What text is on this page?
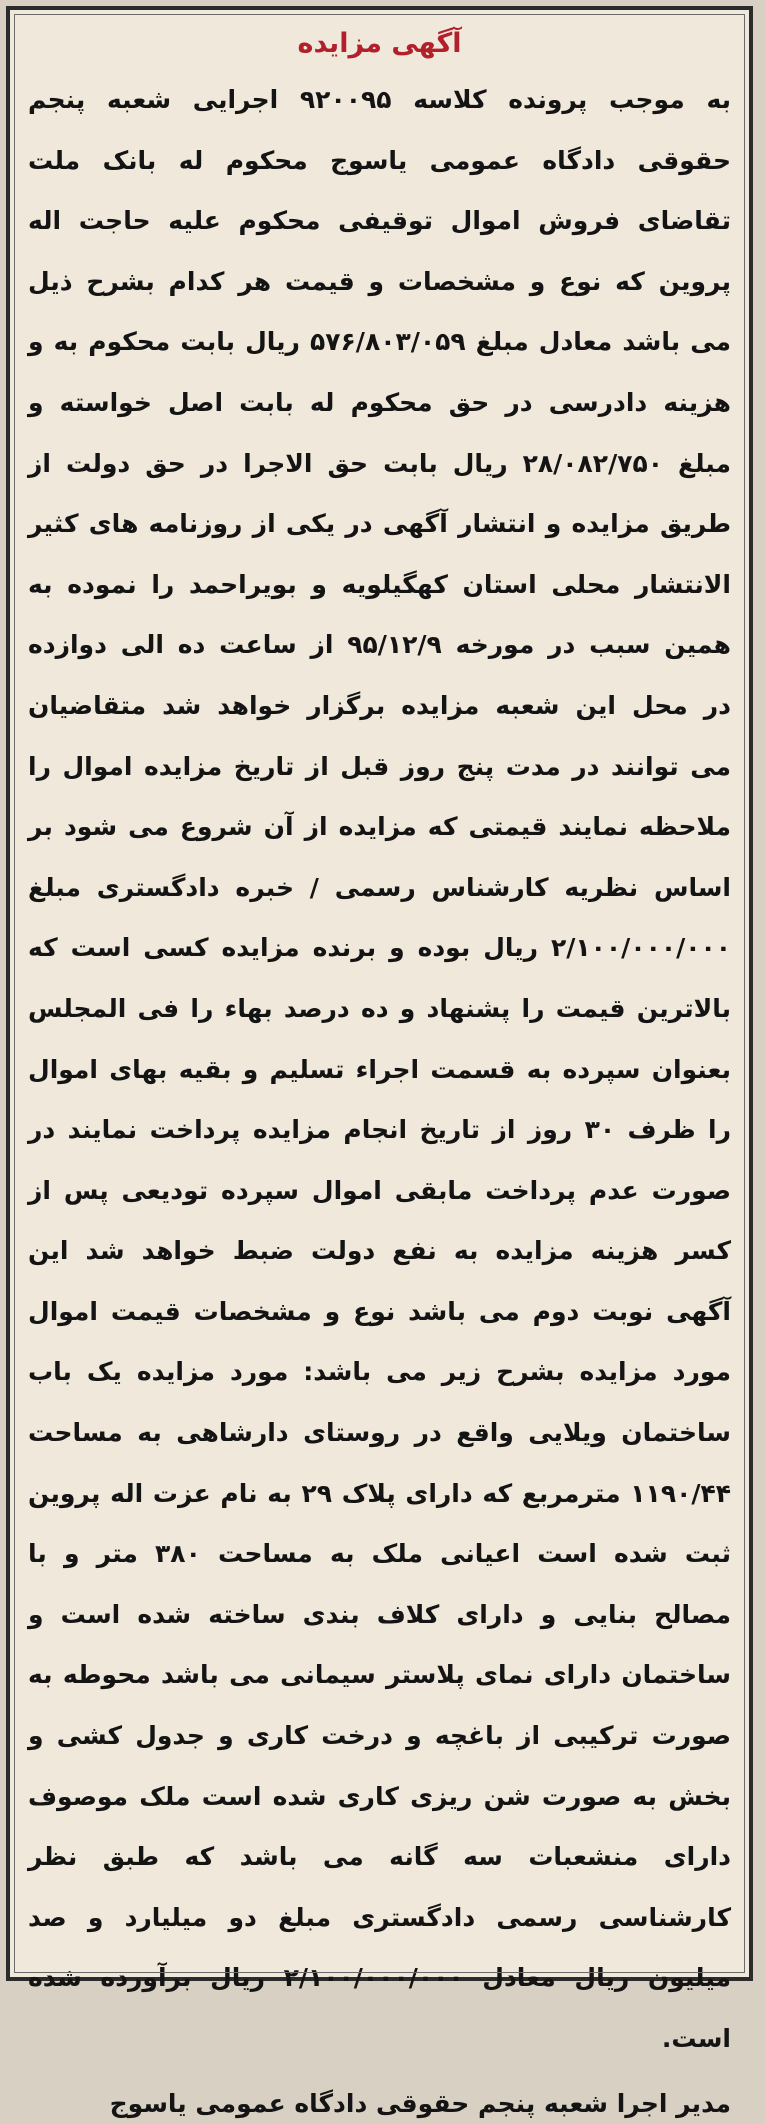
آگهی مزایده

به موجب پرونده کلاسه ۹۲۰۰۹۵ اجرایی شعبه پنجم حقوقی دادگاه عمومی یاسوج محکوم له بانک ملت تقاضای فروش اموال توقیفی محکوم علیه حاجت اله پروین که نوع و مشخصات و قیمت هر کدام بشرح ذیل می باشد معادل مبلغ ۵۷۶/۸۰۳/۰۵۹ ریال بابت محکوم به و هزینه دادرسی در حق محکوم له بابت اصل خواسته و مبلغ ۲۸/۰۸۲/۷۵۰ ریال بابت حق الاجرا در حق دولت از طریق مزایده و انتشار آگهی در یکی از روزنامه های کثیر الانتشار محلی استان کهگیلویه و بویراحمد را نموده به همین سبب در مورخه ۹۵/۱۲/۹ از ساعت ده الی دوازده در محل این شعبه مزایده برگزار خواهد شد متقاضیان می توانند در مدت پنج روز قبل از تاریخ مزایده اموال را ملاحظه نمایند قیمتی که مزایده از آن شروع می شود بر اساس نظریه کارشناس رسمی / خبره دادگستری مبلغ ۲/۱۰۰/۰۰۰/۰۰۰ ریال بوده و برنده مزایده کسی است که بالاترین قیمت را پشنهاد و ده درصد بهاء را فی المجلس بعنوان سپرده به قسمت اجراء تسلیم و بقیه بهای اموال را ظرف ۳۰ روز از تاریخ انجام مزایده پرداخت نمایند در صورت عدم پرداخت مابقی اموال سپرده تودیعی پس از کسر هزینه مزایده به نفع دولت ضبط خواهد شد این آگهی نوبت دوم می باشد نوع و مشخصات قیمت اموال مورد مزایده بشرح زیر می باشد: مورد مزایده یک باب ساختمان ویلایی واقع در روستای دارشاهی به مساحت ۱۱۹۰/۴۴ مترمربع که دارای پلاک ۲۹ به نام عزت اله پروین ثبت شده است اعیانی ملک به مساحت ۳۸۰ متر و با مصالح بنایی و دارای کلاف بندی ساخته شده است و ساختمان دارای نمای پلاستر سیمانی می باشد محوطه به صورت ترکیبی از باغچه و درخت کاری و جدول کشی و بخش به صورت شن ریزی کاری شده است ملک موصوف دارای منشعبات سه گانه می باشد که طبق نظر کارشناسی رسمی دادگستری مبلغ دو میلیارد و صد میلیون ریال معادل ۲/۱۰۰/۰۰۰/۰۰۰ ریال برآورده شده است.

مدیر اجرا شعبه پنجم حقوقی دادگاه عمومی یاسوج
